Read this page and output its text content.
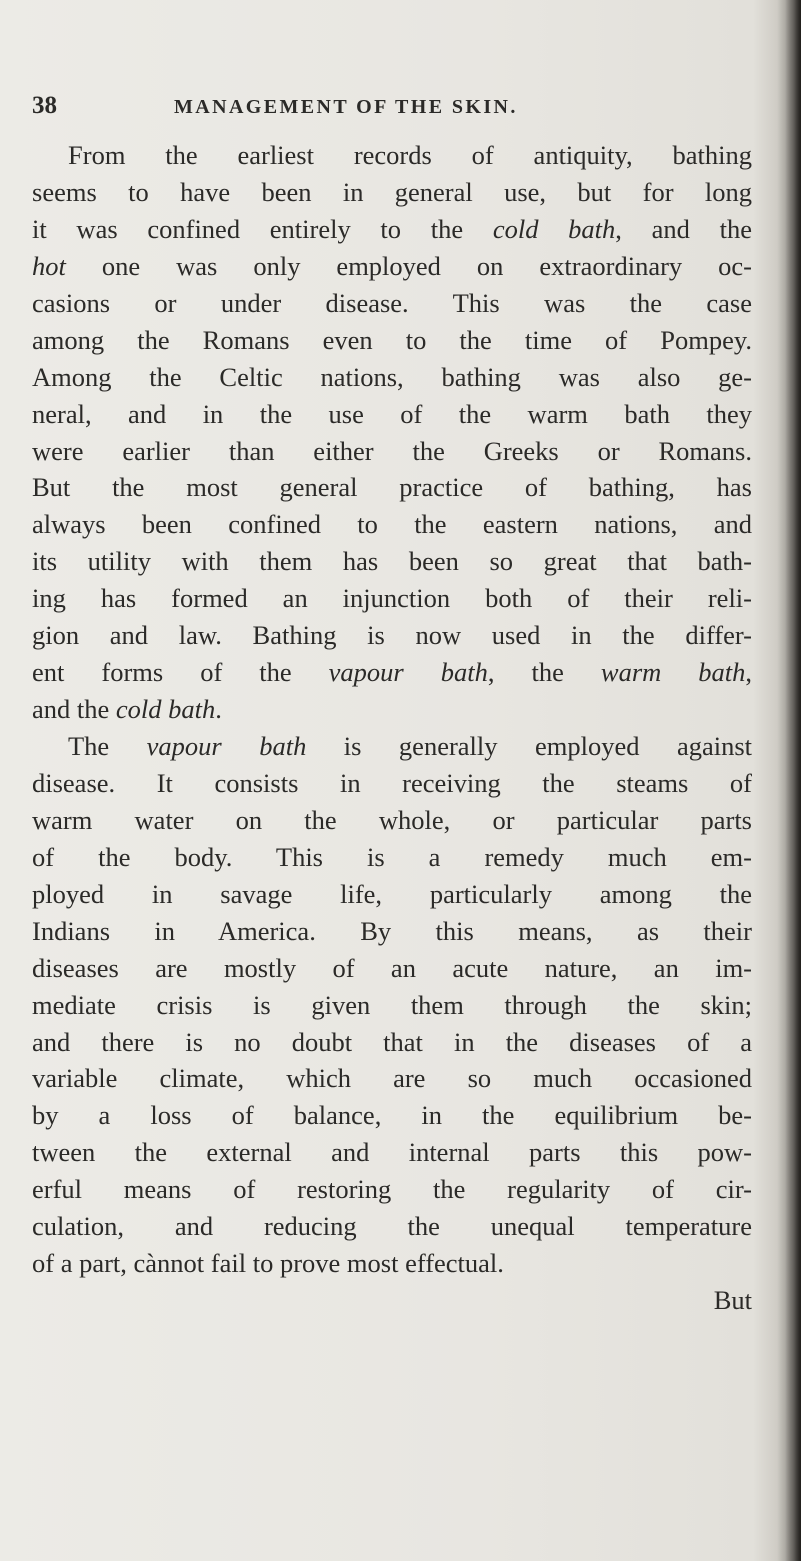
38	MANAGEMENT OF THE SKIN.
From the earliest records of antiquity, bathing
seems to have been in general use, but for long
it was confined entirely to the cold bath, and the
hot one was only employed on extraordinary oc-
casions or under disease. This was the case
among the Romans even to the time of Pompey.
Among the Celtic nations, bathing was also ge-
neral, and in the use of the warm bath they
were earlier than either the Greeks or Romans.
But the most general practice of bathing, has
always been confined to the eastern nations, and
its utility with them has been so great that bath-
ing has formed an injunction both of their reli-
gion and law. Bathing is now used in the differ-
ent forms of the vapour bath, the warm bath,
and the cold bath.
The vapour bath is generally employed against
disease. It consists in receiving the steams of
warm water on the whole, or particular parts
of the body. This is a remedy much em-
ployed in savage life, particularly among the
Indians in America. By this means, as their
diseases are mostly of an acute nature, an im-
mediate crisis is given them through the skin;
and there is no doubt that in the diseases of a
variable climate, which are so much occasioned
by a loss of balance, in the equilibrium be-
tween the external and internal parts this pow-
erful means of restoring the regularity of cir-
culation, and reducing the unequal temperature
of a part, cànnot fail to prove most effectual.
But
